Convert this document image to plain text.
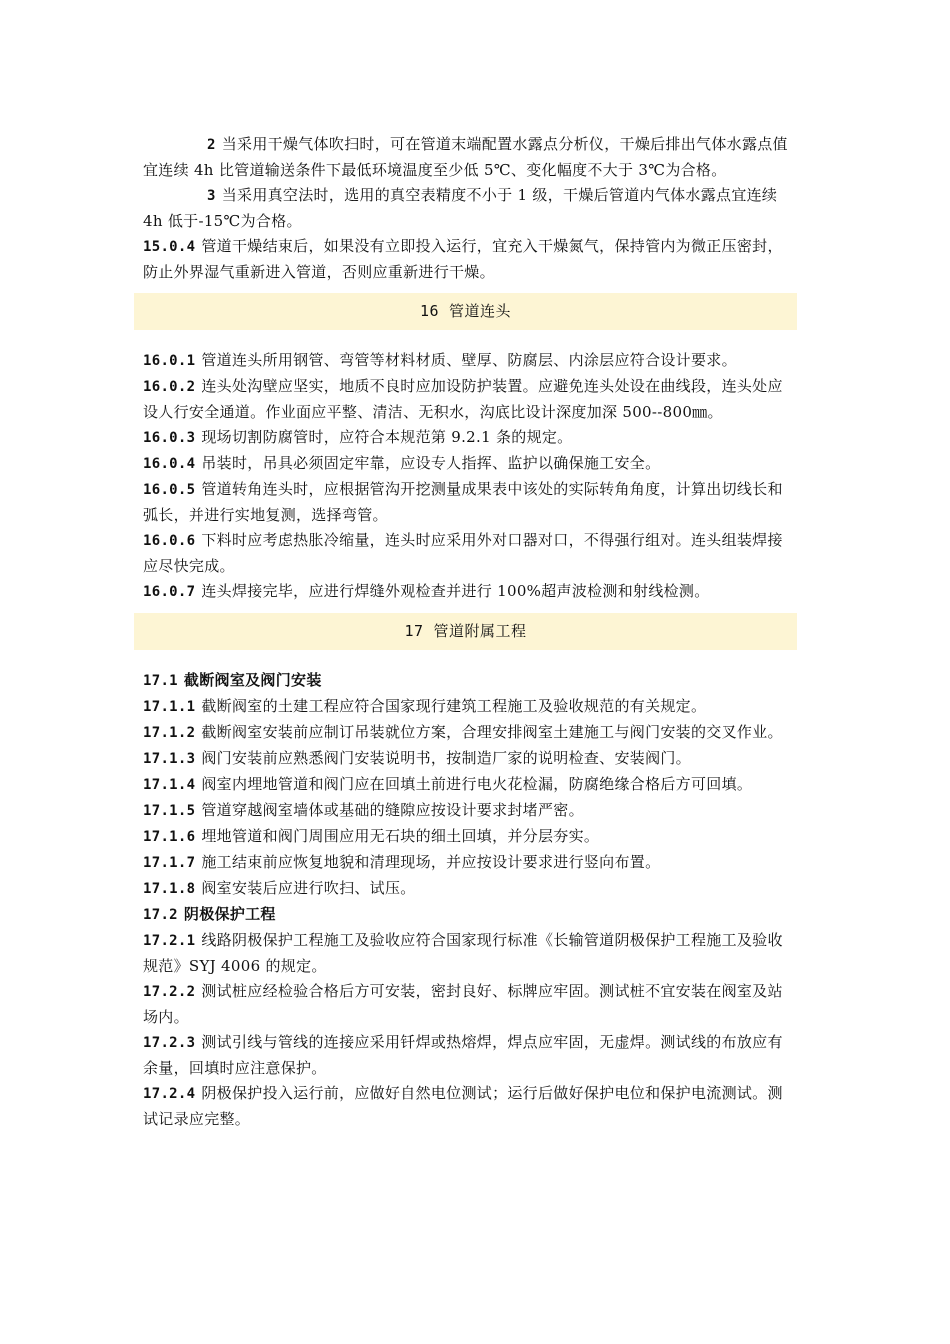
2 当采用干燥气体吹扫时，可在管道末端配置水露点分析仪，干燥后排出气体水露点值宜连续 4h 比管道输送条件下最低环境温度至少低 5℃、变化幅度不大于 3℃为合格。

3 当采用真空法时，选用的真空表精度不小于 1 级，干燥后管道内气体水露点宜连续 4h 低于-15℃为合格。

15.0.4 管道干燥结束后，如果没有立即投入运行，宜充入干燥氮气，保持管内为微正压密封，防止外界湿气重新进入管道，否则应重新进行干燥。

16 管道连头

16.0.1 管道连头所用钢管、弯管等材料材质、壁厚、防腐层、内涂层应符合设计要求。

16.0.2 连头处沟壁应坚实，地质不良时应加设防护装置。应避免连头处设在曲线段，连头处应设人行安全通道。作业面应平整、清洁、无积水，沟底比设计深度加深 500--800㎜。

16.0.3 现场切割防腐管时，应符合本规范第 9.2.1 条的规定。

16.0.4 吊装时，吊具必须固定牢靠，应设专人指挥、监护以确保施工安全。

16.0.5 管道转角连头时，应根据管沟开挖测量成果表中该处的实际转角角度，计算出切线长和弧长，并进行实地复测，选择弯管。

16.0.6 下料时应考虑热胀冷缩量，连头时应采用外对口器对口，不得强行组对。连头组装焊接应尽快完成。

16.0.7 连头焊接完毕，应进行焊缝外观检查并进行 100%超声波检测和射线检测。

17 管道附属工程

17.1 截断阀室及阀门安装

17.1.1 截断阀室的土建工程应符合国家现行建筑工程施工及验收规范的有关规定。

17.1.2 截断阀室安装前应制订吊装就位方案，合理安排阀室土建施工与阀门安装的交叉作业。

17.1.3 阀门安装前应熟悉阀门安装说明书，按制造厂家的说明检查、安装阀门。

17.1.4 阀室内埋地管道和阀门应在回填土前进行电火花检漏，防腐绝缘合格后方可回填。

17.1.5 管道穿越阀室墙体或基础的缝隙应按设计要求封堵严密。

17.1.6 埋地管道和阀门周围应用无石块的细土回填，并分层夯实。

17.1.7 施工结束前应恢复地貌和清理现场，并应按设计要求进行竖向布置。

17.1.8 阀室安装后应进行吹扫、试压。

17.2 阴极保护工程

17.2.1 线路阴极保护工程施工及验收应符合国家现行标准《长输管道阴极保护工程施工及验收规范》SYJ 4006 的规定。

17.2.2 测试桩应经检验合格后方可安装，密封良好、标牌应牢固。测试桩不宜安装在阀室及站场内。

17.2.3 测试引线与管线的连接应采用钎焊或热熔焊，焊点应牢固，无虚焊。测试线的布放应有余量，回填时应注意保护。

17.2.4 阴极保护投入运行前，应做好自然电位测试；运行后做好保护电位和保护电流测试。测试记录应完整。
